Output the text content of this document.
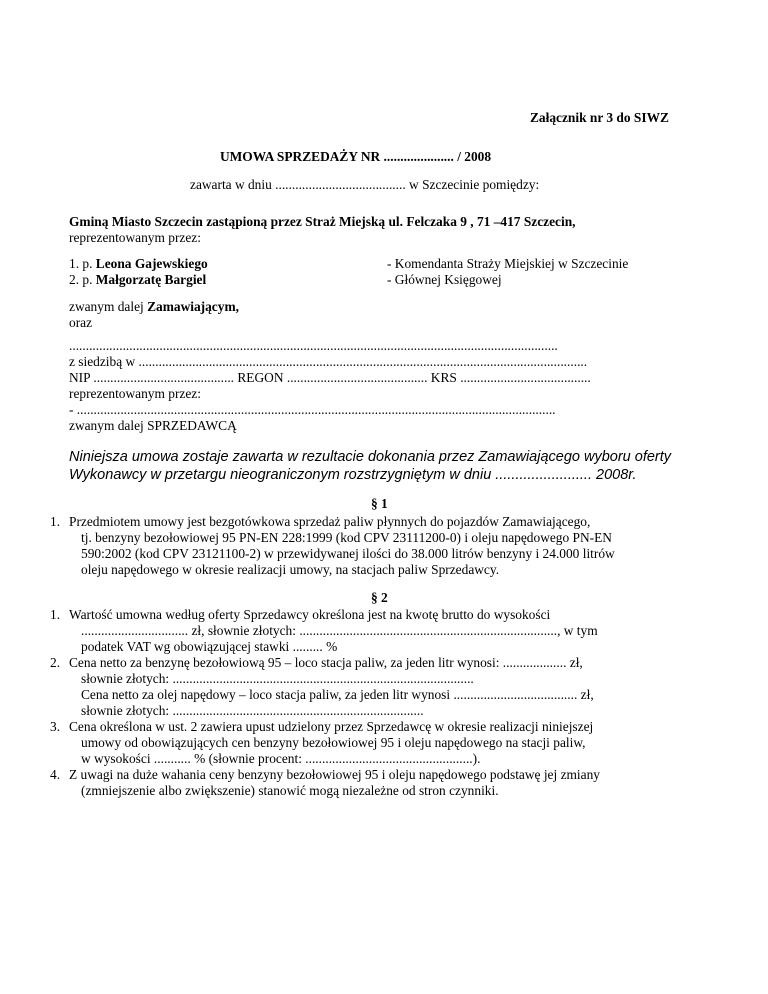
Załącznik nr 3 do SIWZ
UMOWA SPRZEDAŻY NR ..................... / 2008
zawarta w dniu ....................................... w Szczecinie pomiędzy:
Gminą Miasto Szczecin zastąpioną przez Straż Miejską ul. Felczaka 9 , 71 –417 Szczecin,
reprezentowanym przez:
1. p. Leona Gajewskiego	- Komendanta Straży Miejskiej w Szczecinie
2. p. Małgorzatę Bargiel	- Głównej Księgowej
zwanym dalej Zamawiającym,
oraz
..................................................................................................................................................
z siedzibą w ......................................................................................................................................
NIP .......................................... REGON .......................................... KRS .......................................
reprezentowanym przez:
- ...............................................................................................................................................
zwanym dalej SPRZEDAWCĄ
Niniejsza umowa zostaje zawarta w rezultacie dokonania przez Zamawiającego wyboru oferty
Wykonawcy w przetargu nieograniczonym rozstrzygniętym w dniu ........................ 2008r.
§ 1
1. Przedmiotem umowy jest bezgotówkowa sprzedaż paliw płynnych do pojazdów Zamawiającego,
tj. benzyny bezołowiowej 95 PN-EN 228:1999 (kod CPV 23111200-0) i oleju napędowego PN-EN
590:2002 (kod CPV 23121100-2) w przewidywanej ilości do 38.000 litrów benzyny i 24.000 litrów
oleju napędowego w okresie realizacji umowy, na stacjach paliw Sprzedawcy.
§ 2
1. Wartość umowna według oferty Sprzedawcy określona jest na kwotę brutto do wysokości
................................ zł, słownie złotych: ............................................................................., w tym
podatek VAT wg obowiązującej stawki ......... %
2. Cena netto za benzynę bezołowiową 95 – loco stacja paliw, za jeden litr wynosi: ................... zł,
słownie złotych: ..........................................................................................
Cena netto za olej napędowy – loco stacja paliw, za jeden litr wynosi ..................................... zł,
słownie złotych: ...........................................................................
3. Cena określona w ust. 2 zawiera upust udzielony przez Sprzedawcę w okresie realizacji niniejszej
umowy od obowiązujących cen benzyny bezołowiowej 95 i oleju napędowego na stacji paliw,
w wysokości ........... % (słownie procent: ..................................................).
4. Z uwagi na duże wahania ceny benzyny bezołowiowej 95 i oleju napędowego podstawę jej zmiany
(zmniejszenie albo zwiększenie) stanowić mogą niezależne od stron czynniki.
